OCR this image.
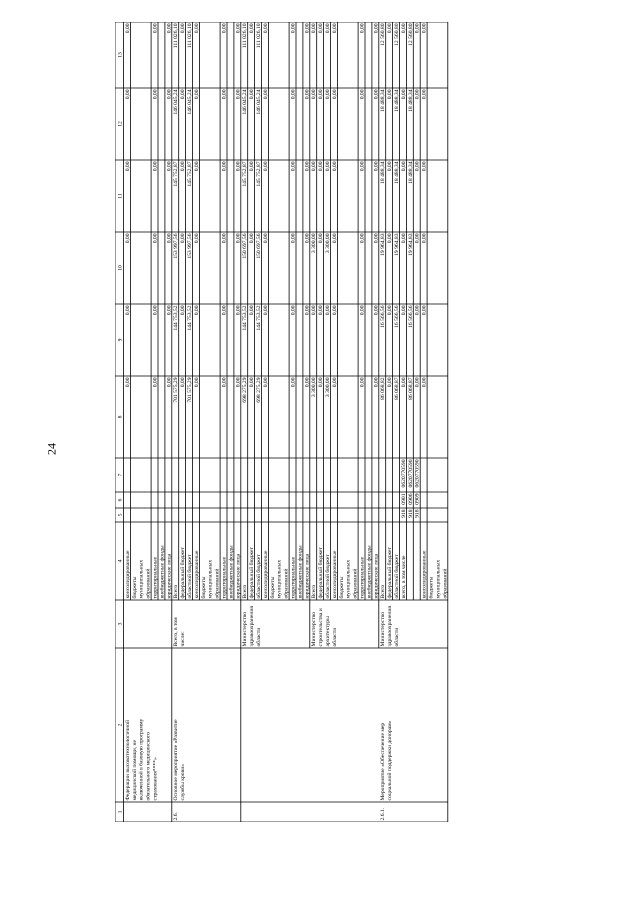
24
1
2
3
4
5
6
7
8
9
10
11
12
13
консолидированные
0,00
0,00
0,00
0,00
0,00
0,00
бюджеты муниципальных образований территориальные
0,00
0,00
0,00
0,00
0,00
0,00
внебюджетные фонды юридические лица
0,00
0,00
0,00
0,00
0,00
0,00
Федерации высокотехнологичной медицинской помощи, не включенной в базовую программу обязательного медицинского страхования****»
Всего
701 575,29
144 753,52
153 997,56
145 752,87
146 045,24
111 026,10
федеральный бюджет
0,00
0,00
0,00
0,00
0,00
0,00
областной бюджет
701 575,29
144 753,52
153 997,56
145 752,87
146 045,24
111 026,10
консолидированные
0,00
0,00
0,00
0,00
0,00
0,00
бюджеты муниципальных образований территориальные
0,00
0,00
0,00
0,00
0,00
0,00
внебюджетные фонды юридические лица
0,00
0,00
0,00
0,00
0,00
0,00
2.6.
Основное мероприятие «Развитие службы крови»
Всего, в том числе:
Всего
698 275,29
144 753,52
150 697,56
145 752,87
146 045,24
111 026,10
федеральный бюджет
0,00
0,00
0,00
0,00
0,00
0,00
областной бюджет
698 275,29
144 753,52
150 697,56
145 752,87
146 045,24
111 026,10
консолидированные
0,00
0,00
0,00
0,00
0,00
0,00
бюджеты муниципальных образований территориальные
0,00
0,00
0,00
0,00
0,00
0,00
внебюджетные фонды юридические лица
0,00
0,00
0,00
0,00
0,00
0,00
Министерство здравоохранения области
Всего
3 300,00
0,00
3 300,00
0,00
0,00
0,00
федеральный бюджет
0,00
0,00
0,00
0,00
0,00
0,00
областной бюджет
3 300,00
0,00
3 300,00
0,00
0,00
0,00
консолидированные
0,00
0,00
0,00
0,00
0,00
0,00
бюджеты муниципальных образований территориальные
0,00
0,00
0,00
0,00
0,00
0,00
внебюджетные фонды юридические лица
0,00
0,00
0,00
0,00
0,00
0,00
Министерство строительства и архитектуры области
Всего
86 068,82
16 566,56
19 964,83
18 488,34
18 488,34
12 560,80
федеральный бюджет
0,00
0,00
0,00
0,00
0,00
0,00
областной бюджет
86 068,87
16 566,56
19 964,83
18 488,34
18 488,34
12 560,80
всего, в том числе
918
0901
0620770590
0,00
0,00
0,00
0,00
0,00
0,00
918
0906
0620770590
86 068,87
16 566,56
19 964,83
18 488,34
18 488,34
12 560,80
918
0909
0620770590
0,00
0,00
0,00
0,00
0,00
0,00
консолидированные
0,00
0,00
0,00
0,00
0,00
0,00
бюджеты муниципальных образований
2.6.1.
Мероприятие «Обеспечение мер социальной поддержки донорам»
Министерство здравоохранения области
